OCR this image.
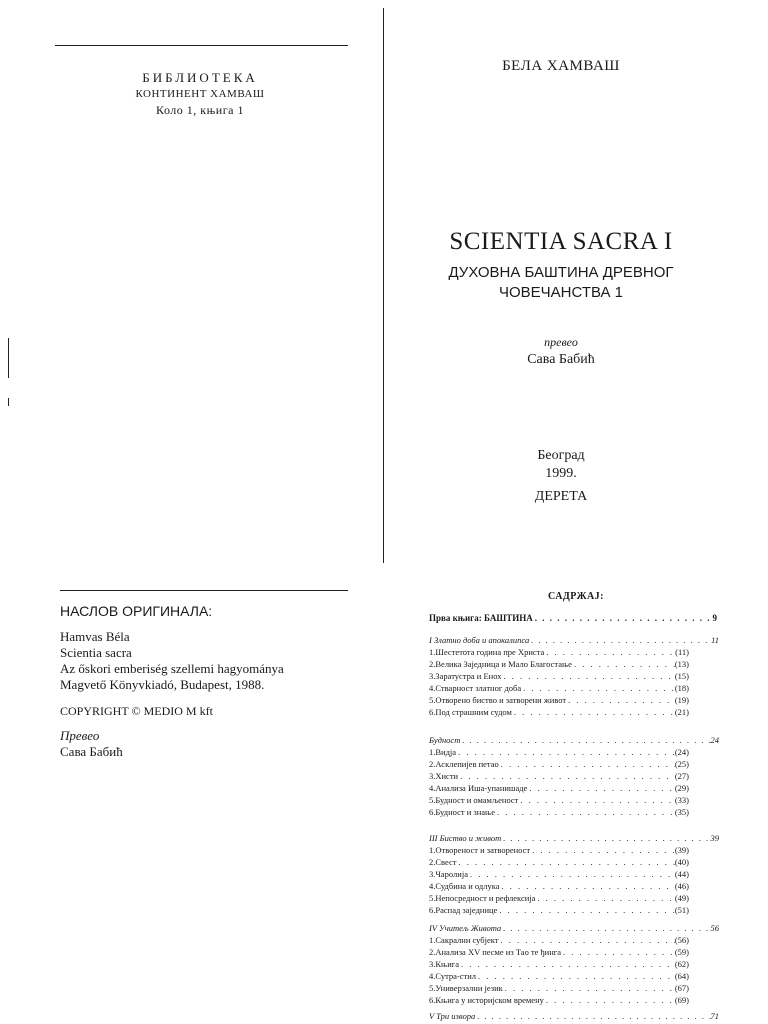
БИБЛИОТЕКА
КОНТИНЕНТ ХАМВАШ
Коло 1, књига 1
БЕЛА ХАМВАШ
SCIENTIA SACRA I
ДУХОВНА БАШТИНА ДРЕВНОГ
ЧОВЕЧАНСТВА 1
превео
Сава Бабић
Београд
1999.
ДЕРЕТА
НАСЛОВ ОРИГИНАЛА:
Hamvas Béla
Scientia sacra
Az őskori emberiség szellemi hagyománya
Magvető Könyvkiadó, Budapest, 1988.
COPYRIGHT © MEDIO M kft
Превео
Сава Бабић
САДРЖАЈ:
Прва књига: БАШТИНА . . .	9
I Златно доба и апокалипса . . .	11
1.Шестетота година пре Христа . . .	(11)
2.Велика Заједница и Мало Благостање . . .	(13)
3.Заратустра и Енох . . .	(15)
4.Стварност златног доба . . .	(18)
5.Отворено биство и затворени живот . . .	(19)
6.Под страшним судом . . .	(21)
Будност . . .	24
1.Видја . . .	(24)
2.Асклепијев петао . . .	(25)
3.Хисти . . .	(27)
4.Анализа Иша-упанишаде . . .	(29)
5.Будност и омамљеност . . .	(33)
6.Будност и знање . . .	(35)
III Биство и живот . . .	39
1.Отвореност и затвореност . . .	(39)
2.Свест . . .	(40)
3.Чаролија . . .	(44)
4.Судбина и одлука . . .	(46)
5.Непосредност и рефлексија . . .	(49)
6.Распад заједнице . . .	(51)
IV Учитељ Живота . . .	56
1.Сакрални субјект . . .	(56)
2.Анализа XV песме из Тао те ђинга . . .	(59)
3.Књига . . .	(62)
4.Сутра-стил . . .	(64)
5.Универзални језик . . .	(67)
6.Књига у историјском времену . . .	(69)
V Три извора . . .	71
